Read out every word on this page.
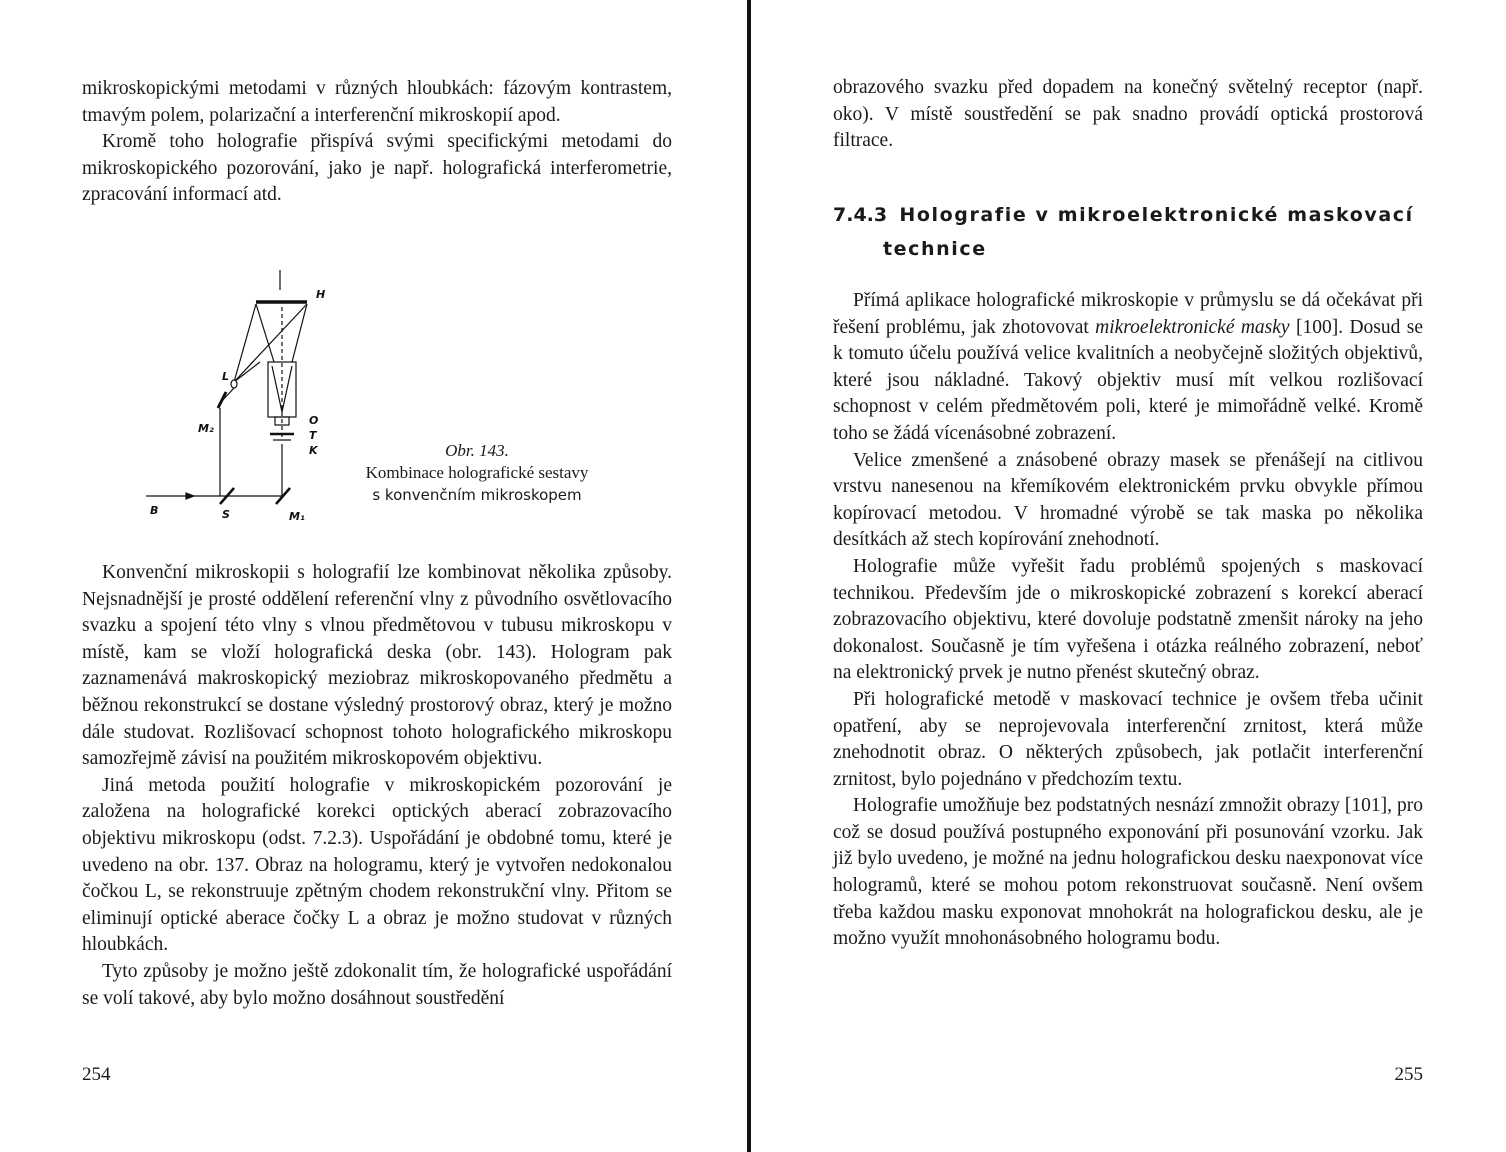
mikroskopickými metodami v různých hloubkách: fázovým kontrastem, tmavým polem, polarizační a interferenční mikroskopií apod.

Kromě toho holografie přispívá svými specifickými metodami do mikroskopického pozorování, jako je např. holografická interferometrie, zpracování informací atd.

H
L
M₂
O
T
K
B	S	M₁

Obr. 143.

Kombinace holografické sestavy

s konvenčním mikroskopem

Konvenční mikroskopii s holografií lze kombinovat několika způsoby. Nejsnadnější je prosté oddělení referenční vlny z původního osvětlovacího svazku a spojení této vlny s vlnou předmětovou v tubusu mikroskopu v místě, kam se vloží holografická deska (obr. 143). Hologram pak zaznamenává makroskopický meziobraz mikroskopovaného předmětu a běžnou rekonstrukcí se dostane výsledný prostorový obraz, který je možno dále studovat. Rozlišovací schopnost tohoto holografického mikroskopu samozřejmě závisí na použitém mikroskopovém objektivu.

Jiná metoda použití holografie v mikroskopickém pozorování je založena na holografické korekci optických aberací zobrazovacího objektivu mikroskopu (odst. 7.2.3). Uspořádání je obdobné tomu, které je uvedeno na obr. 137. Obraz na hologramu, který je vytvořen nedokonalou čočkou L, se rekonstruuje zpětným chodem rekonstrukční vlny. Přitom se eliminují optické aberace čočky L a obraz je možno studovat v různých hloubkách.

Tyto způsoby je možno ještě zdokonalit tím, že holografické uspořádání se volí takové, aby bylo možno dosáhnout soustředění

254

obrazového svazku před dopadem na konečný světelný receptor (např. oko). V místě soustředění se pak snadno provádí optická prostorová filtrace.

7.4.3 Holografie v mikroelektronické maskovací
technice

Přímá aplikace holografické mikroskopie v průmyslu se dá očekávat při řešení problému, jak zhotovovat mikroelektronické masky [100]. Dosud se k tomuto účelu používá velice kvalitních a neobyčejně složitých objektivů, které jsou nákladné. Takový objektiv musí mít velkou rozlišovací schopnost v celém předmětovém poli, které je mimořádně velké. Kromě toho se žádá vícenásobné zobrazení.

Velice zmenšené a znásobené obrazy masek se přenášejí na citlivou vrstvu nanesenou na křemíkovém elektronickém prvku obvykle přímou kopírovací metodou. V hromadné výrobě se tak maska po několika desítkách až stech kopírování znehodnotí.

Holografie může vyřešit řadu problémů spojených s maskovací technikou. Především jde o mikroskopické zobrazení s korekcí aberací zobrazovacího objektivu, které dovoluje podstatně zmenšit nároky na jeho dokonalost. Současně je tím vyřešena i otázka reálného zobrazení, neboť na elektronický prvek je nutno přenést skutečný obraz.

Při holografické metodě v maskovací technice je ovšem třeba učinit opatření, aby se neprojevovala interferenční zrnitost, která může znehodnotit obraz. O některých způsobech, jak potlačit interferenční zrnitost, bylo pojednáno v předchozím textu.

Holografie umožňuje bez podstatných nesnází zmnožit obrazy [101], pro což se dosud používá postupného exponování při posunování vzorku. Jak již bylo uvedeno, je možné na jednu holografickou desku naexponovat více hologramů, které se mohou potom rekonstruovat současně. Není ovšem třeba každou masku exponovat mnohokrát na holografickou desku, ale je možno využít mnohonásobného hologramu bodu.

255
